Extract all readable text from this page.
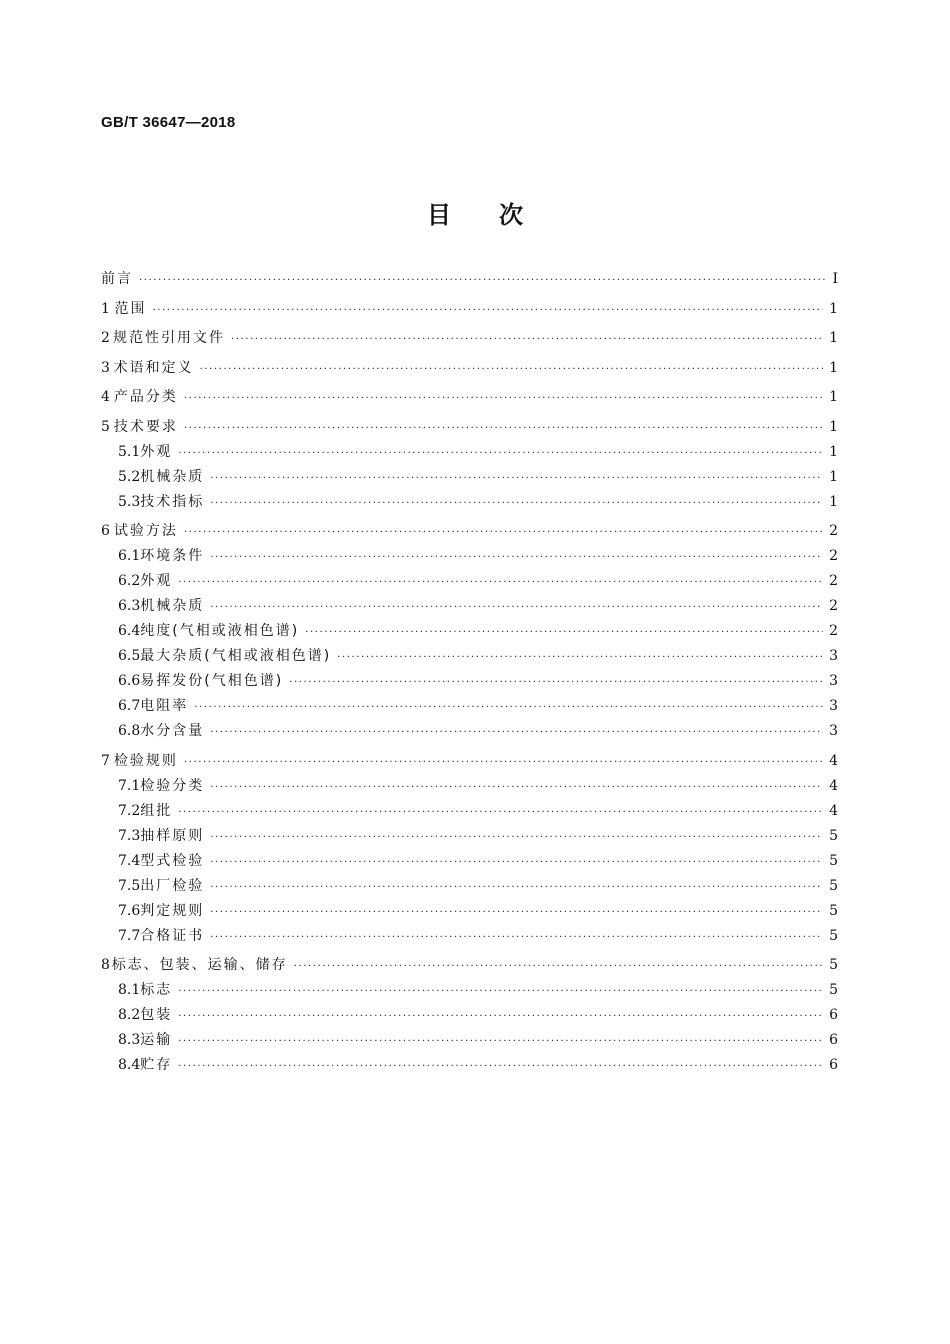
GB/T 36647—2018
目次
前言 ·····	Ⅰ
1 范围 ·····	1
2 规范性引用文件 ·····	1
3 术语和定义 ·····	1
4 产品分类 ·····	1
5 技术要求 ·····	1
5.1 外观 ·····	1
5.2 机械杂质 ·····	1
5.3 技术指标 ·····	1
6 试验方法 ·····	2
6.1 环境条件 ·····	2
6.2 外观 ·····	2
6.3 机械杂质 ·····	2
6.4 纯度(气相或液相色谱) ·····	2
6.5 最大杂质(气相或液相色谱) ·····	3
6.6 易挥发份(气相色谱) ·····	3
6.7 电阻率 ·····	3
6.8 水分含量 ·····	3
7 检验规则 ·····	4
7.1 检验分类 ·····	4
7.2 组批 ·····	4
7.3 抽样原则 ·····	5
7.4 型式检验 ·····	5
7.5 出厂检验 ·····	5
7.6 判定规则 ·····	5
7.7 合格证书 ·····	5
8 标志、包装、运输、储存 ·····	5
8.1 标志 ·····	5
8.2 包装 ·····	6
8.3 运输 ·····	6
8.4 贮存 ·····	6
